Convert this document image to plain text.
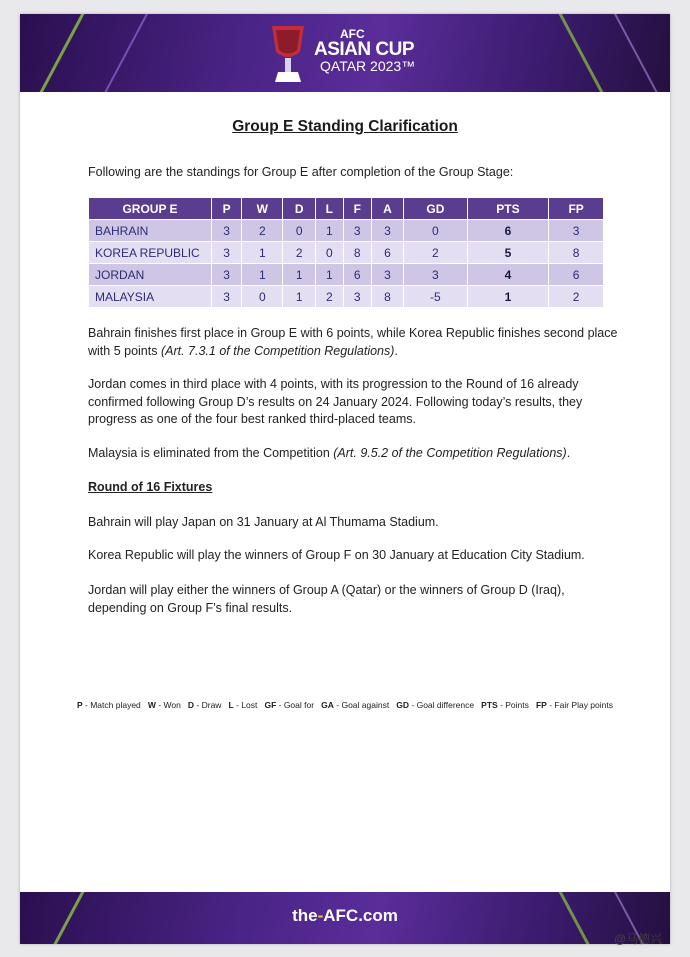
AFC
ASIAN CUP
QATAR 2023™
Group E Standing Clarification
Following are the standings for Group E after completion of the Group Stage:
GROUP E	P	W	D	L	F	A	GD	PTS	FP
BAHRAIN	3	2	0	1	3	3	0	6	3
KOREA REPUBLIC	3	1	2	0	8	6	2	5	8
JORDAN	3	1	1	1	6	3	3	4	6
MALAYSIA	3	0	1	2	3	8	-5	1	2
Bahrain finishes first place in Group E with 6 points, while Korea Republic finishes second place with 5 points (Art. 7.3.1 of the Competition Regulations).
Jordan comes in third place with 4 points, with its progression to the Round of 16 already confirmed following Group D’s results on 24 January 2024. Following today’s results, they progress as one of the four best ranked third-placed teams.
Malaysia is eliminated from the Competition (Art. 9.5.2 of the Competition Regulations).
Round of 16 Fixtures
Bahrain will play Japan on 31 January at Al Thumama Stadium.
Korea Republic will play the winners of Group F on 30 January at Education City Stadium.
Jordan will play either the winners of Group A (Qatar) or the winners of Group D (Iraq), depending on Group F’s final results.
P - Match played W - Won D - Draw L - Lost GF - Goal for GA - Goal against GD - Goal difference PTS - Points FP - Fair Play points
the-AFC.com
@马德兴
